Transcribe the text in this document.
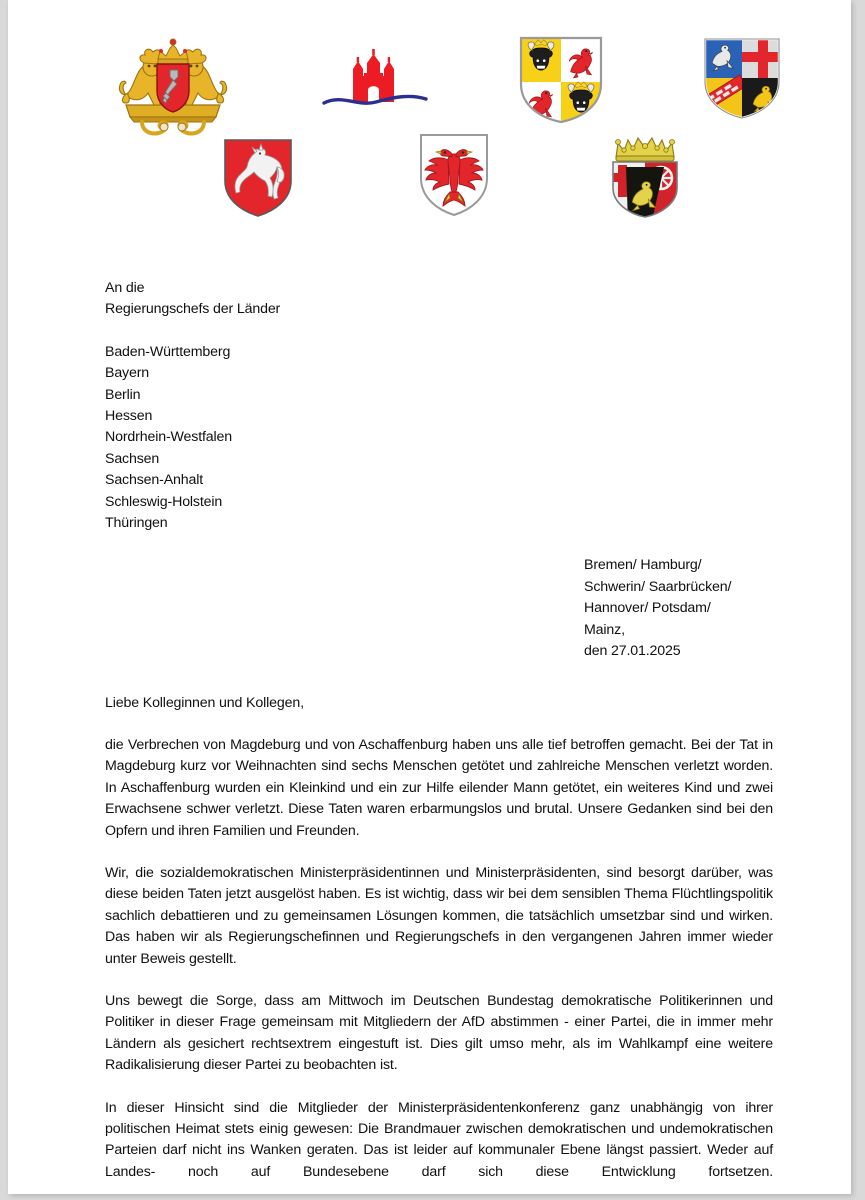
An die
Regierungschefs der Länder
Baden-Württemberg
Bayern
Berlin
Hessen
Nordrhein-Westfalen
Sachsen
Sachsen-Anhalt
Schleswig-Holstein
Thüringen
Bremen/ Hamburg/
Schwerin/ Saarbrücken/
Hannover/ Potsdam/
Mainz,
den 27.01.2025
Liebe Kolleginnen und Kollegen,

die Verbrechen von Magdeburg und von Aschaffenburg haben uns alle tief betroffen gemacht. Bei der Tat in Magdeburg kurz vor Weihnachten sind sechs Menschen getötet und zahlreiche Menschen verletzt worden. In Aschaffenburg wurden ein Kleinkind und ein zur Hilfe eilender Mann getötet, ein weiteres Kind und zwei Erwachsene schwer verletzt. Diese Taten waren erbarmungslos und brutal. Unsere Gedanken sind bei den Opfern und ihren Familien und Freunden.

Wir, die sozialdemokratischen Ministerpräsidentinnen und Ministerpräsidenten, sind besorgt darüber, was diese beiden Taten jetzt ausgelöst haben. Es ist wichtig, dass wir bei dem sensiblen Thema Flüchtlingspolitik sachlich debattieren und zu gemeinsamen Lösungen kommen, die tatsächlich umsetzbar sind und wirken. Das haben wir als Regierungschefinnen und Regierungschefs in den vergangenen Jahren immer wieder unter Beweis gestellt.

Uns bewegt die Sorge, dass am Mittwoch im Deutschen Bundestag demokratische Politikerinnen und Politiker in dieser Frage gemeinsam mit Mitgliedern der AfD abstimmen - einer Partei, die in immer mehr Ländern als gesichert rechtsextrem eingestuft ist. Dies gilt umso mehr, als im Wahlkampf eine weitere Radikalisierung dieser Partei zu beobachten ist.

In dieser Hinsicht sind die Mitglieder der Ministerpräsidentenkonferenz ganz unabhängig von ihrer politischen Heimat stets einig gewesen: Die Brandmauer zwischen demokratischen und undemokratischen Parteien darf nicht ins Wanken geraten. Das ist leider auf kommunaler Ebene längst passiert. Weder auf Landes- noch auf Bundesebene darf sich diese Entwicklung fortsetzen.
